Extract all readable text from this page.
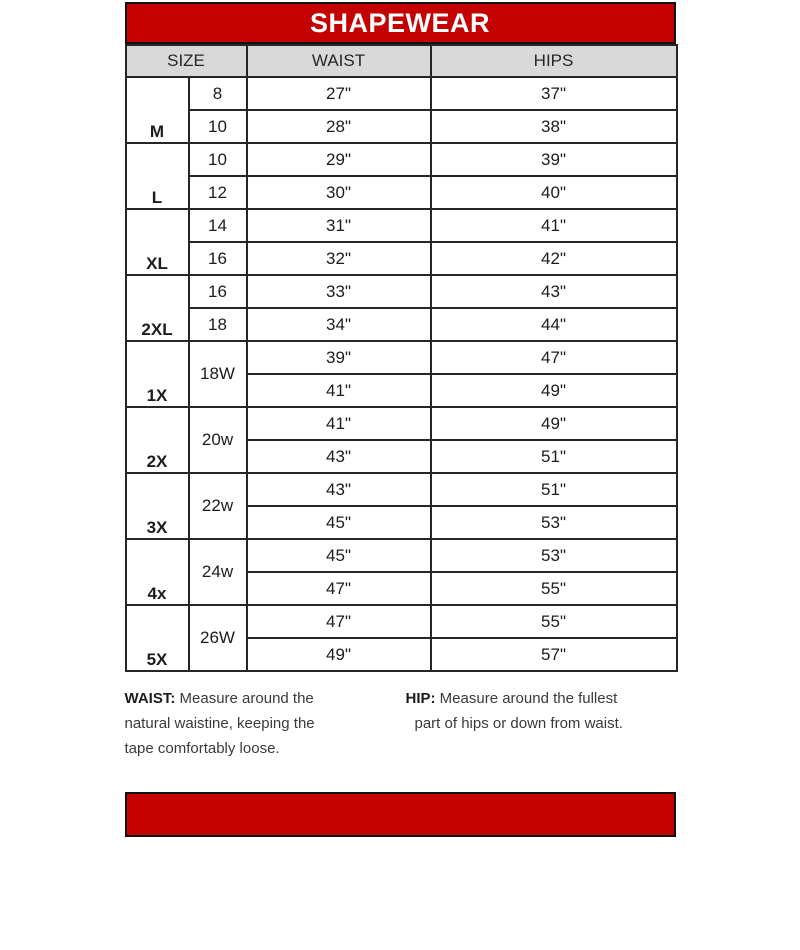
SHAPEWEAR
SIZE		WAIST	HIPS
M	8	27"	37"
	10	28"	38"
L	10	29"	39"
	12	30"	40"
XL	14	31"	41"
	16	32"	42"
2XL	16	33"	43"
	18	34"	44"
1X	18W	39"	47"
		41"	49"
2X	20w	41"	49"
		43"	51"
3X	22w	43"	51"
		45"	53"
4x	24w	45"	53"
		47"	55"
5X	26W	47"	55"
		49"	57"
WAIST: Measure around the
natural waistine, keeping the
tape comfortably loose.
HIP: Measure around the fullest
part of hips or down from waist.
